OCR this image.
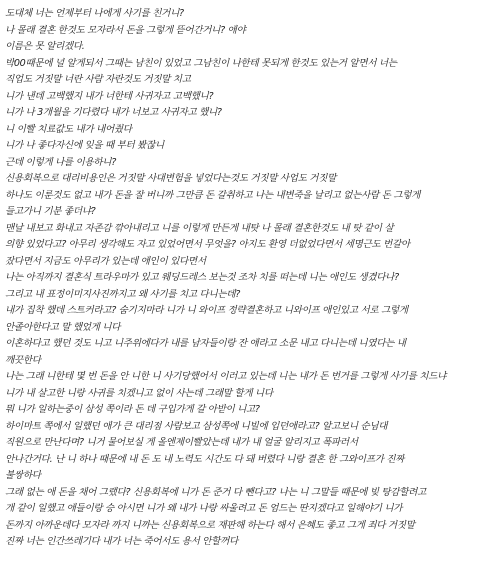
도대체 너는 언제부터 나에게 사기를 친거니?
나 몰래 결혼 한것도 모자라서 돈을 그렇게 뜯어간거니? 애야
이름은 못 알리겠다.
박00때문에 널 알게되서 그때는 남친이 있었고 그남친이 나한테 못되게 한것도 있는거 알면서 너는
직업도 거짓말 너란 사람 자란것도 거짓말 치고
니가 낸데 고백했지 내가 너한테 사귀자고 고백했니?
니가 나 3개월을 기다렸다 내가 너보고 사귀자고 했니?
니 이빨 치료값도 내가 내어줬다
니가 나 좋다자신에 잊을 때 부터 봤잖니
근데 이렇게 나를 이용하니?
신용회복으로 대리비용인은 거짓말 사대변험을 넣었다는것도 거짓말 사업도 거짓말
하나도 이룬것도 없고 내가 돈을 잘 버니까 그만큼 돈 갈취하고 나는 내변죽을 날리고 없는사람 돈 그렇게
들고가니 기분 좋더냐?
맨날 내보고 화내고 자존감 깎아내리고 니를 이렇게 만든게 내탓 나 몰래 결혼한것도 내 탓 같이 살
의향 있었다고? 아무리 생각해도 자고 있었어면서 무엇을? 아지도 환영 더없었다면서 세명근도 번갈아
잤다면서 지금도 아무리가 있는데 애인이 있다면서
나는 아직까지 결혼식 트라우마가 있고 웨딩드레스 보는것 조차 치를 떠는데 니는 애인도 생겼다나?
그리고 내 표정이미지사진까지고 왜 사기를 치고 다니는데?
내가 집착 했데 스트커라고? 숨기지마라 니가 니 와이프 정략결혼하고 니와이프 애인있고 서로 그렇게
안졸아한다고 말 했었게 니다
이혼하다고 했던 것도 니고 니주위에다가 내를 남자들이랑 잔 애라고 소문 내고 다니는데 니였다는 내
깨끗한다
나는 그래 니한테 몇 번 돈을 안 니한 니 사기당했어서 이러고 있는데 니는 내가 돈 번거를 그렇게 사기를 치드냐
니가 내 살고한 니랑 사귀를 치겠니고 없이 사는데 그래말 할게 니다
뭐 니가 일하는중이 삼성 쪽이라 돈 데 구입가게 갈 아받이 니고?
하이마트 쪽에서 일했던 애가 큰 대리점 사람보고 삼성쪽에 니빌에 입던애라고? 알고보니 순님대
직원으로 만난다며? 니거 물어보실 게 올엔제이빨았는데 내가 내 얼굴 알리지고 폭파러서
안나간거다. 난 니 하나 때문에 내 돈 도 내 노력도 시간도 다 돼 버렸다 니랑 결혼 한 그와이프가 진짜
불쌍하다
그래 없는 애 돈을 채어 그랬다? 신용회복에 니가 돈 준거 다 뺀다고? 나는 니 그말들 때문에 빚 탕감할려고
개 같이 일했고 애들이랑 승 아시면 니가 왜 내가 나랑 싸울려고 돈 엄드는 딴지겠다고 일해야기 니가
돈까지 아까운데다 모자라 까지 니까는 신용회복으로 재판해 하는다 해서 은혜도 좋고 그게 죄다 거짓말
진짜 너는 인간쓰레기다 내가 너는 죽어서도 용서 안할꺼다
